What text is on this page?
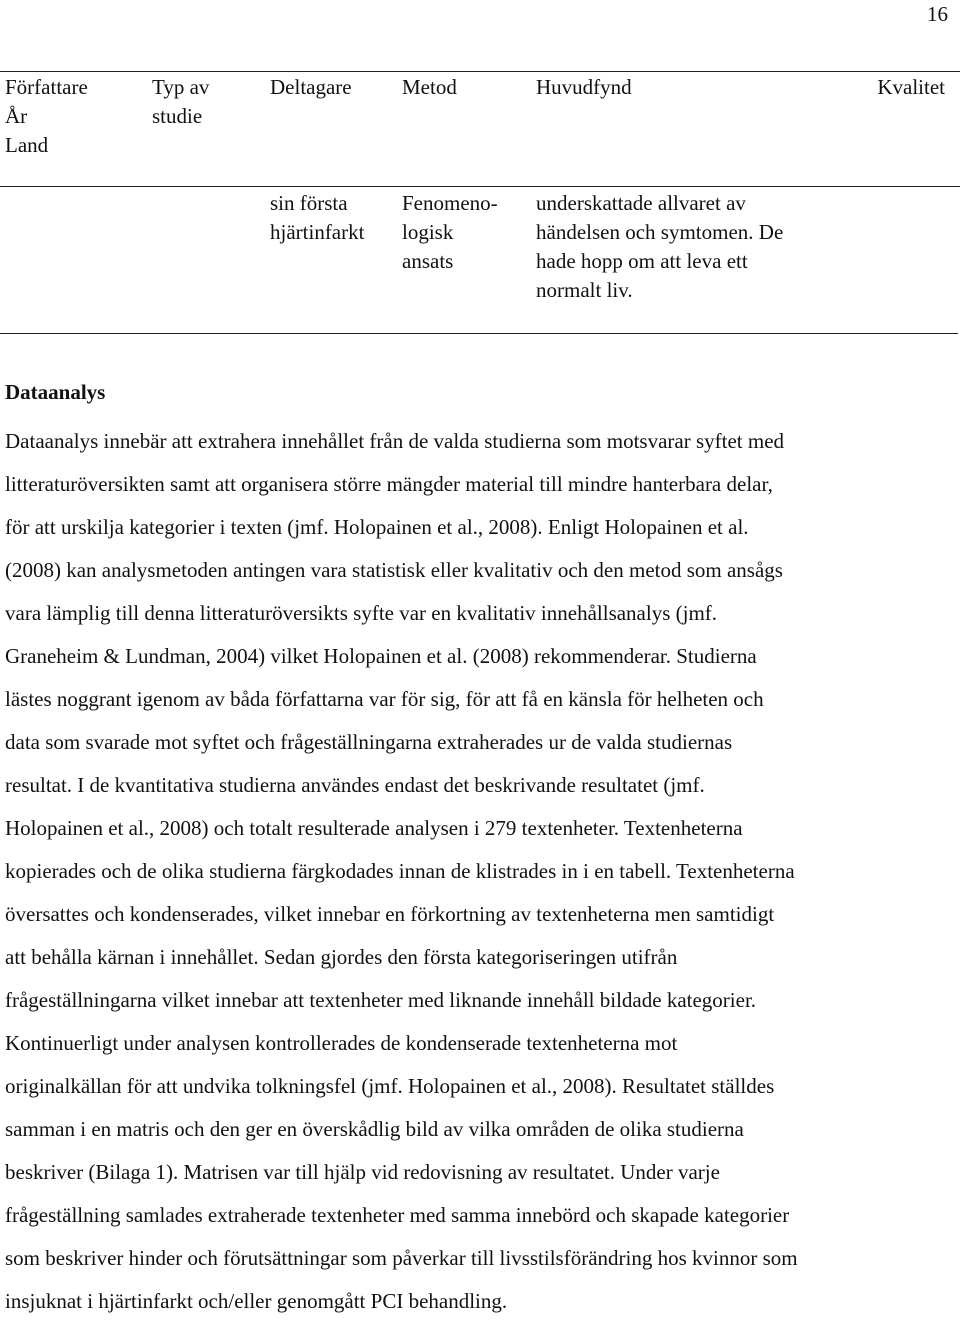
16
Författare
År
Land
Typ av
studie
Deltagare Metod	Huvudfynd	Kvalitet
sin första
hjärtinfarkt
Fenomeno-
logisk
ansats
underskattade allvaret av
händelsen och symtomen. De
hade hopp om att leva ett
normalt liv.
Dataanalys
Dataanalys innebär att extrahera innehållet från de valda studierna som motsvarar syftet med
litteraturöversikten samt att organisera större mängder material till mindre hanterbara delar,
för att urskilja kategorier i texten (jmf. Holopainen et al., 2008). Enligt Holopainen et al.
(2008) kan analysmetoden antingen vara statistisk eller kvalitativ och den metod som ansågs
vara lämplig till denna litteraturöversikts syfte var en kvalitativ innehållsanalys (jmf.
Graneheim & Lundman, 2004) vilket Holopainen et al. (2008) rekommenderar. Studierna
lästes noggrant igenom av båda författarna var för sig, för att få en känsla för helheten och
data som svarade mot syftet och frågeställningarna extraherades ur de valda studiernas
resultat. I de kvantitativa studierna användes endast det beskrivande resultatet (jmf.
Holopainen et al., 2008) och totalt resulterade analysen i 279 textenheter. Textenheterna
kopierades och de olika studierna färgkodades innan de klistrades in i en tabell. Textenheterna
översattes och kondenserades, vilket innebar en förkortning av textenheterna men samtidigt
att behålla kärnan i innehållet. Sedan gjordes den första kategoriseringen utifrån
frågeställningarna vilket innebar att textenheter med liknande innehåll bildade kategorier.
Kontinuerligt under analysen kontrollerades de kondenserade textenheterna mot
originalkällan för att undvika tolkningsfel (jmf. Holopainen et al., 2008). Resultatet ställdes
samman i en matris och den ger en överskådlig bild av vilka områden de olika studierna
beskriver (Bilaga 1). Matrisen var till hjälp vid redovisning av resultatet. Under varje
frågeställning samlades extraherade textenheter med samma innebörd och skapade kategorier
som beskriver hinder och förutsättningar som påverkar till livsstilsförändring hos kvinnor som
insjuknat i hjärtinfarkt och/eller genomgått PCI behandling.
